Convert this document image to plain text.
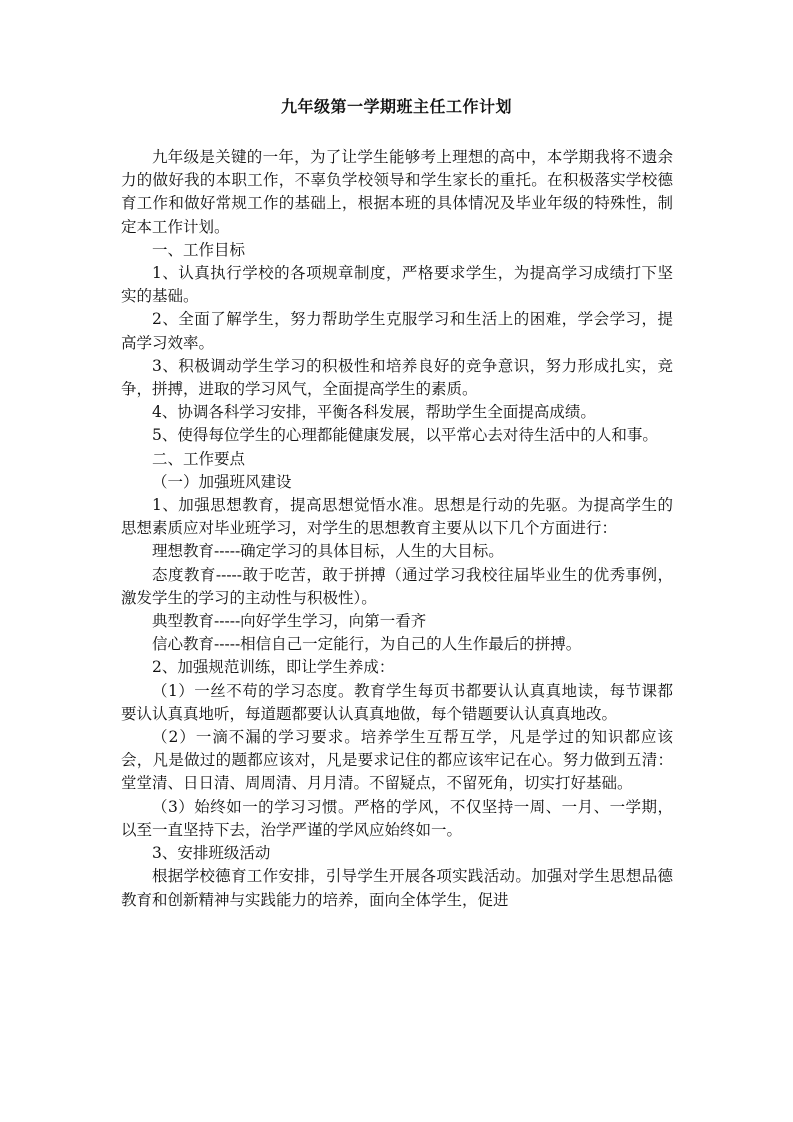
九年级第一学期班主任工作计划

九年级是关键的一年，为了让学生能够考上理想的高中，本学期我将不遗余力的做好我的本职工作，不辜负学校领导和学生家长的重托。在积极落实学校德育工作和做好常规工作的基础上，根据本班的具体情况及毕业年级的特殊性，制定本工作计划。

一、工作目标

1、认真执行学校的各项规章制度，严格要求学生，为提高学习成绩打下坚实的基础。

2、全面了解学生，努力帮助学生克服学习和生活上的困难，学会学习，提高学习效率。

3、积极调动学生学习的积极性和培养良好的竞争意识，努力形成扎实，竞争，拼搏，进取的学习风气，全面提高学生的素质。

4、协调各科学习安排，平衡各科发展，帮助学生全面提高成绩。

5、使得每位学生的心理都能健康发展，以平常心去对待生活中的人和事。

二、工作要点

（一）加强班风建设

1、加强思想教育，提高思想觉悟水准。思想是行动的先驱。为提高学生的思想素质应对毕业班学习，对学生的思想教育主要从以下几个方面进行：

理想教育-----确定学习的具体目标，人生的大目标。

态度教育-----敢于吃苦，敢于拼搏（通过学习我校往届毕业生的优秀事例，激发学生的学习的主动性与积极性）。

典型教育-----向好学生学习，向第一看齐

信心教育-----相信自己一定能行，为自己的人生作最后的拼搏。

2、加强规范训练，即让学生养成：

（1）一丝不苟的学习态度。教育学生每页书都要认认真真地读，每节课都要认认真真地听，每道题都要认认真真地做，每个错题要认认真真地改。

（2）一滴不漏的学习要求。培养学生互帮互学，凡是学过的知识都应该会，凡是做过的题都应该对，凡是要求记住的都应该牢记在心。努力做到五清：堂堂清、日日清、周周清、月月清。不留疑点，不留死角，切实打好基础。

（3）始终如一的学习习惯。严格的学风，不仅坚持一周、一月、一学期，以至一直坚持下去，治学严谨的学风应始终如一。

3、安排班级活动

根据学校德育工作安排，引导学生开展各项实践活动。加强对学生思想品德教育和创新精神与实践能力的培养，面向全体学生，促进
